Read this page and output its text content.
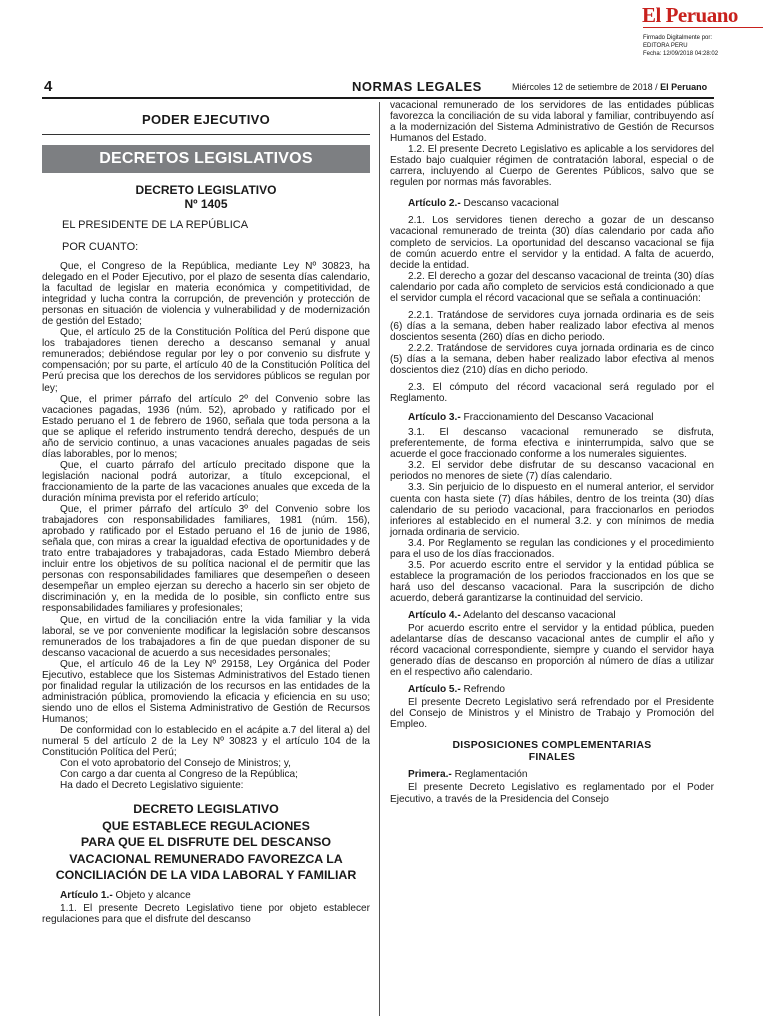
El Peruano
Firmado Digitalmente por:
EDITORA PERU
Fecha: 12/09/2018 04:28:02
4	NORMAS LEGALES	Miércoles 12 de setiembre de 2018 / El Peruano
PODER EJECUTIVO
DECRETOS LEGISLATIVOS
DECRETO LEGISLATIVO
Nº 1405
EL PRESIDENTE DE LA REPÚBLICA
POR CUANTO:

Que, el Congreso de la República, mediante Ley Nº 30823, ha delegado en el Poder Ejecutivo, por el plazo de sesenta días calendario, la facultad de legislar en materia económica y competitividad, de integridad y lucha contra la corrupción, de prevención y protección de personas en situación de violencia y vulnerabilidad y de modernización de gestión del Estado;

Que, el artículo 25 de la Constitución Política del Perú dispone que los trabajadores tienen derecho a descanso semanal y anual remunerados; debiéndose regular por ley o por convenio su disfrute y compensación; por su parte, el artículo 40 de la Constitución Política del Perú precisa que los derechos de los servidores públicos se regulan por ley;

Que, el primer párrafo del artículo 2º del Convenio sobre las vacaciones pagadas, 1936 (núm. 52), aprobado y ratificado por el Estado peruano el 1 de febrero de 1960, señala que toda persona a la que se aplique el referido instrumento tendrá derecho, después de un año de servicio continuo, a unas vacaciones anuales pagadas de seis días laborables, por lo menos;

Que, el cuarto párrafo del artículo precitado dispone que la legislación nacional podrá autorizar, a título excepcional, el fraccionamiento de la parte de las vacaciones anuales que exceda de la duración mínima prevista por el referido artículo;

Que, el primer párrafo del artículo 3º del Convenio sobre los trabajadores con responsabilidades familiares, 1981 (núm. 156), aprobado y ratificado por el Estado peruano el 16 de junio de 1986, señala que, con miras a crear la igualdad efectiva de oportunidades y de trato entre trabajadores y trabajadoras, cada Estado Miembro deberá incluir entre los objetivos de su política nacional el de permitir que las personas con responsabilidades familiares que desempeñen o deseen desempeñar un empleo ejerzan su derecho a hacerlo sin ser objeto de discriminación y, en la medida de lo posible, sin conflicto entre sus responsabilidades familiares y profesionales;

Que, en virtud de la conciliación entre la vida familiar y la vida laboral, se ve por conveniente modificar la legislación sobre descansos remunerados de los trabajadores a fin de que puedan disponer de su descanso vacacional de acuerdo a sus necesidades personales;

Que, el artículo 46 de la Ley Nº 29158, Ley Orgánica del Poder Ejecutivo, establece que los Sistemas Administrativos del Estado tienen por finalidad regular la utilización de los recursos en las entidades de la administración pública, promoviendo la eficacia y eficiencia en su uso; siendo uno de ellos el Sistema Administrativo de Gestión de Recursos Humanos;

De conformidad con lo establecido en el acápite a.7 del literal a) del numeral 5 del artículo 2 de la Ley Nº 30823 y el artículo 104 de la Constitución Política del Perú;

Con el voto aprobatorio del Consejo de Ministros; y,

Con cargo a dar cuenta al Congreso de la República;

Ha dado el Decreto Legislativo siguiente:

DECRETO LEGISLATIVO
QUE ESTABLECE REGULACIONES
PARA QUE EL DISFRUTE DEL DESCANSO
VACACIONAL REMUNERADO FAVOREZCA LA
CONCILIACIÓN DE LA VIDA LABORAL Y FAMILIAR
Artículo 1.- Objeto y alcance

1.1. El presente Decreto Legislativo tiene por objeto establecer regulaciones para que el disfrute del descanso

vacacional remunerado de los servidores de las entidades públicas favorezca la conciliación de su vida laboral y familiar, contribuyendo así a la modernización del Sistema Administrativo de Gestión de Recursos Humanos del Estado.

1.2. El presente Decreto Legislativo es aplicable a los servidores del Estado bajo cualquier régimen de contratación laboral, especial o de carrera, incluyendo al Cuerpo de Gerentes Públicos, salvo que se regulen por normas más favorables.

Artículo 2.- Descanso vacacional

2.1. Los servidores tienen derecho a gozar de un descanso vacacional remunerado de treinta (30) días calendario por cada año completo de servicios. La oportunidad del descanso vacacional se fija de común acuerdo entre el servidor y la entidad. A falta de acuerdo, decide la entidad.

2.2. El derecho a gozar del descanso vacacional de treinta (30) días calendario por cada año completo de servicios está condicionado a que el servidor cumpla el récord vacacional que se señala a continuación:

2.2.1. Tratándose de servidores cuya jornada ordinaria es de seis (6) días a la semana, deben haber realizado labor efectiva al menos doscientos sesenta (260) días en dicho periodo.

2.2.2. Tratándose de servidores cuya jornada ordinaria es de cinco (5) días a la semana, deben haber realizado labor efectiva al menos doscientos diez (210) días en dicho periodo.

2.3. El cómputo del récord vacacional será regulado por el Reglamento.

Artículo 3.- Fraccionamiento del Descanso Vacacional

3.1. El descanso vacacional remunerado se disfruta, preferentemente, de forma efectiva e ininterrumpida, salvo que se acuerde el goce fraccionado conforme a los numerales siguientes.

3.2. El servidor debe disfrutar de su descanso vacacional en periodos no menores de siete (7) días calendario.

3.3. Sin perjuicio de lo dispuesto en el numeral anterior, el servidor cuenta con hasta siete (7) días hábiles, dentro de los treinta (30) días calendario de su periodo vacacional, para fraccionarlos en periodos inferiores al establecido en el numeral 3.2. y con mínimos de media jornada ordinaria de servicio.

3.4. Por Reglamento se regulan las condiciones y el procedimiento para el uso de los días fraccionados.

3.5. Por acuerdo escrito entre el servidor y la entidad pública se establece la programación de los periodos fraccionados en los que se hará uso del descanso vacacional. Para la suscripción de dicho acuerdo, deberá garantizarse la continuidad del servicio.

Artículo 4.- Adelanto del descanso vacacional

Por acuerdo escrito entre el servidor y la entidad pública, pueden adelantarse días de descanso vacacional antes de cumplir el año y récord vacacional correspondiente, siempre y cuando el servidor haya generado días de descanso en proporción al número de días a utilizar en el respectivo año calendario.

Artículo 5.- Refrendo

El presente Decreto Legislativo será refrendado por el Presidente del Consejo de Ministros y el Ministro de Trabajo y Promoción del Empleo.

DISPOSICIONES COMPLEMENTARIAS
FINALES
Primera.- Reglamentación

El presente Decreto Legislativo es reglamentado por el Poder Ejecutivo, a través de la Presidencia del Consejo
